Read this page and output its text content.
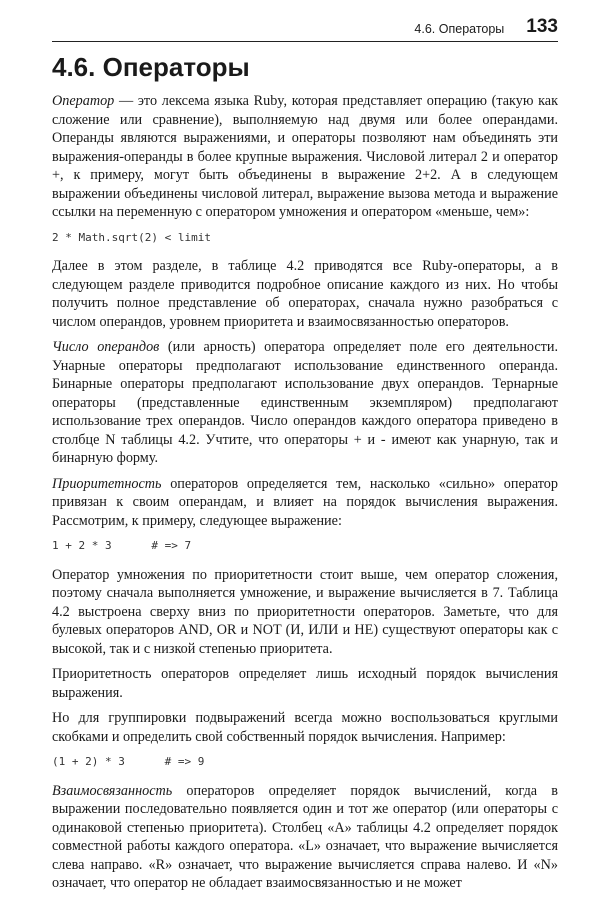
4.6. Операторы 133
4.6. Операторы
Оператор — это лексема языка Ruby, которая представляет операцию (такую как сложение или сравнение), выполняемую над двумя или более операндами. Операнды являются выражениями, и операторы позволяют нам объединять эти выражения-операнды в более крупные выражения. Числовой литерал 2 и оператор +, к примеру, могут быть объединены в выражение 2+2. А в следующем выражении объединены числовой литерал, выражение вызова метода и выражение ссылки на переменную с оператором умножения и оператором «меньше, чем»:
2 * Math.sqrt(2) < limit
Далее в этом разделе, в таблице 4.2 приводятся все Ruby-операторы, а в следующем разделе приводится подробное описание каждого из них. Но чтобы получить полное представление об операторах, сначала нужно разобраться с числом операндов, уровнем приоритета и взаимосвязанностью операторов.
Число операндов (или арность) оператора определяет поле его деятельности. Унарные операторы предполагают использование единственного операнда. Бинарные операторы предполагают использование двух операндов. Тернарные операторы (представленные единственным экземпляром) предполагают использование трех операндов. Число операндов каждого оператора приведено в столбце N таблицы 4.2. Учтите, что операторы + и - имеют как унарную, так и бинарную форму.
Приоритетность операторов определяется тем, насколько «сильно» оператор привязан к своим операндам, и влияет на порядок вычисления выражения. Рассмотрим, к примеру, следующее выражение:
1 + 2 * 3      # => 7
Оператор умножения по приоритетности стоит выше, чем оператор сложения, поэтому сначала выполняется умножение, и выражение вычисляется в 7. Таблица 4.2 выстроена сверху вниз по приоритетности операторов. Заметьте, что для булевых операторов AND, OR и NOT (И, ИЛИ и НЕ) существуют операторы как с высокой, так и с низкой степенью приоритета.
Приоритетность операторов определяет лишь исходный порядок вычисления выражения.
Но для группировки подвыражений всегда можно воспользоваться круглыми скобками и определить свой собственный порядок вычисления. Например:
(1 + 2) * 3      # => 9
Взаимосвязанность операторов определяет порядок вычислений, когда в выражении последовательно появляется один и тот же оператор (или операторы с одинаковой степенью приоритета). Столбец «А» таблицы 4.2 определяет порядок совместной работы каждого оператора. «L» означает, что выражение вычисляется слева направо. «R» означает, что выражение вычисляется справа налево. И «N» означает, что оператор не обладает взаимосвязанностью и не может
